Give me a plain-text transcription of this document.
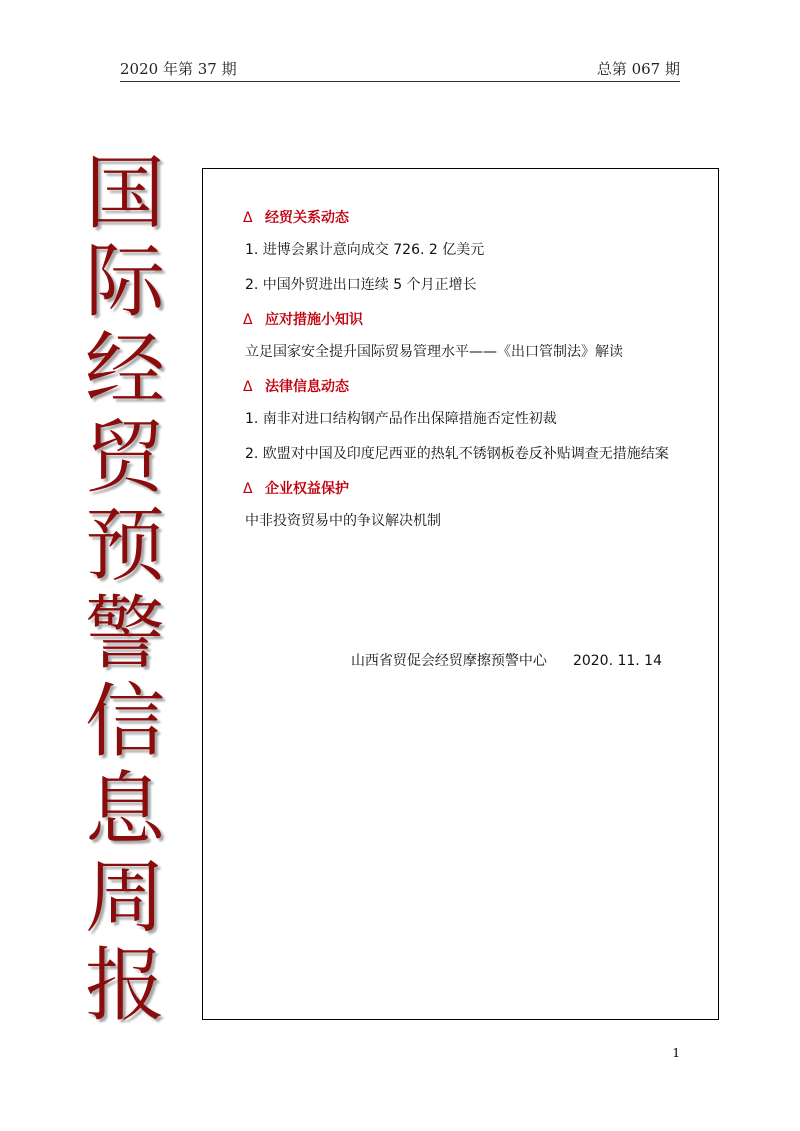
2020 年第 37 期	总第 067 期
国
际
经
贸
预
警
信
息
周
报
Δ 经贸关系动态
1. 进博会累计意向成交 726. 2 亿美元
2. 中国外贸进出口连续 5 个月正增长
Δ 应对措施小知识
立足国家安全提升国际贸易管理水平——《出口管制法》解读
Δ 法律信息动态
1. 南非对进口结构钢产品作出保障措施否定性初裁
2. 欧盟对中国及印度尼西亚的热轧不锈钢板卷反补贴调查无措施结案
Δ 企业权益保护
中非投资贸易中的争议解决机制
山西省贸促会经贸摩擦预警中心 2020. 11. 14
1
